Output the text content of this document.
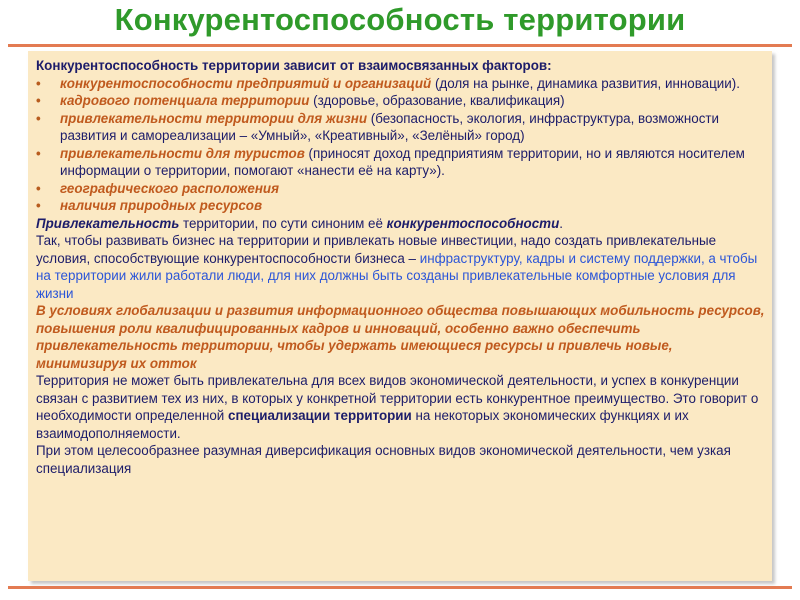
Конкурентоспособность территории

Конкурентоспособность территории зависит от взаимосвязанных факторов:

• конкурентоспособности предприятий и организаций (доля на рынке, динамика развития, инновации).
• кадрового потенциала территории (здоровье, образование, квалификация)
• привлекательности территории для жизни (безопасность, экология, инфраструктура, возможности развития и самореализации – «Умный», «Креативный», «Зелёный» город)
• привлекательности для туристов (приносят доход предприятиям территории, но и являются носителем информации о территории, помогают «нанести её на карту»).
• географического расположения
• наличия природных ресурсов

Привлекательность территории, по сути синоним её конкурентоспособности.

Так, чтобы развивать бизнес на территории и привлекать новые инвестиции, надо создать привлекательные условия, способствующие конкурентоспособности бизнеса – инфраструктуру, кадры и систему поддержки, а чтобы на территории жили работали люди, для них должны быть созданы привлекательные комфортные условия для жизни

В условиях глобализации и развития информационного общества повышающих мобильность ресурсов, повышения роли квалифицированных кадров и инноваций, особенно важно обеспечить привлекательность территории, чтобы удержать имеющиеся ресурсы и привлечь новые, минимизируя их отток

Территория не может быть привлекательна для всех видов экономической деятельности, и успех в конкуренции связан с развитием тех из них, в которых у конкретной территории есть конкурентное преимущество. Это говорит о необходимости определенной специализации территории на некоторых экономических функциях и их взаимодополняемости.

При этом целесообразнее разумная диверсификация основных видов экономической деятельности, чем узкая специализация
